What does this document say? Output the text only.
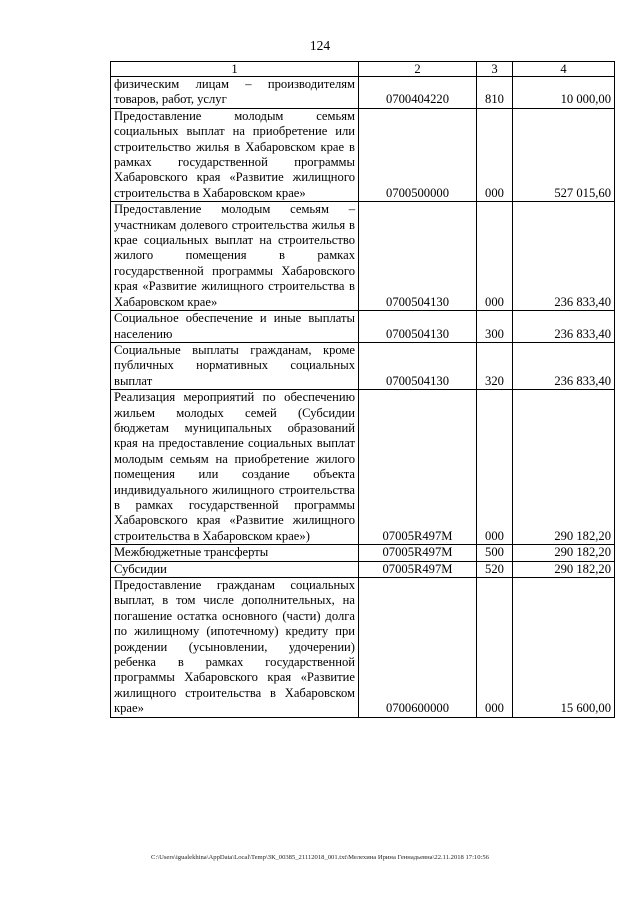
124
1	2	3	4
физическим лицам – производителям товаров, работ, услуг	0700404220	810	10 000,00
Предоставление молодым семьям социальных выплат на приобретение или строительство жилья в Хабаровском крае в рамках государственной программы Хабаровского края «Развитие жилищного строительства в Хабаровском крае»	0700500000	000	527 015,60
Предоставление молодым семьям – участникам долевого строительства жилья в крае социальных выплат на строительство жилого помещения в рамках государственной программы Хабаровского края «Развитие жилищного строительства в Хабаровском крае»	0700504130	000	236 833,40
Социальное обеспечение и иные выплаты населению	0700504130	300	236 833,40
Социальные выплаты гражданам, кроме публичных нормативных социальных выплат	0700504130	320	236 833,40
Реализация мероприятий по обеспечению жильем молодых семей (Субсидии бюджетам муниципальных образований края на предоставление социальных выплат молодым семьям на приобретение жилого помещения или создание объекта индивидуального жилищного строительства в рамках государственной программы Хабаровского края «Развитие жилищного строительства в Хабаровском крае»)	07005R497M	000	290 182,20
Межбюджетные трансферты	07005R497M	500	290 182,20
Субсидии	07005R497M	520	290 182,20
Предоставление гражданам социальных выплат, в том числе дополнительных, на погашение остатка основного (части) долга по жилищному (ипотечному) кредиту при рождении (усыновлении, удочерении) ребенка в рамках государственной программы Хабаровского края «Развитие жилищного строительства в Хабаровском крае»	0700600000	000	15 600,00
C:\Users\igualekhina\AppData\Local\Temp\ЗК_00385_21112018_001.txt\Мелехина Ирина Геннадьевна\22.11.2018 17:10:56
